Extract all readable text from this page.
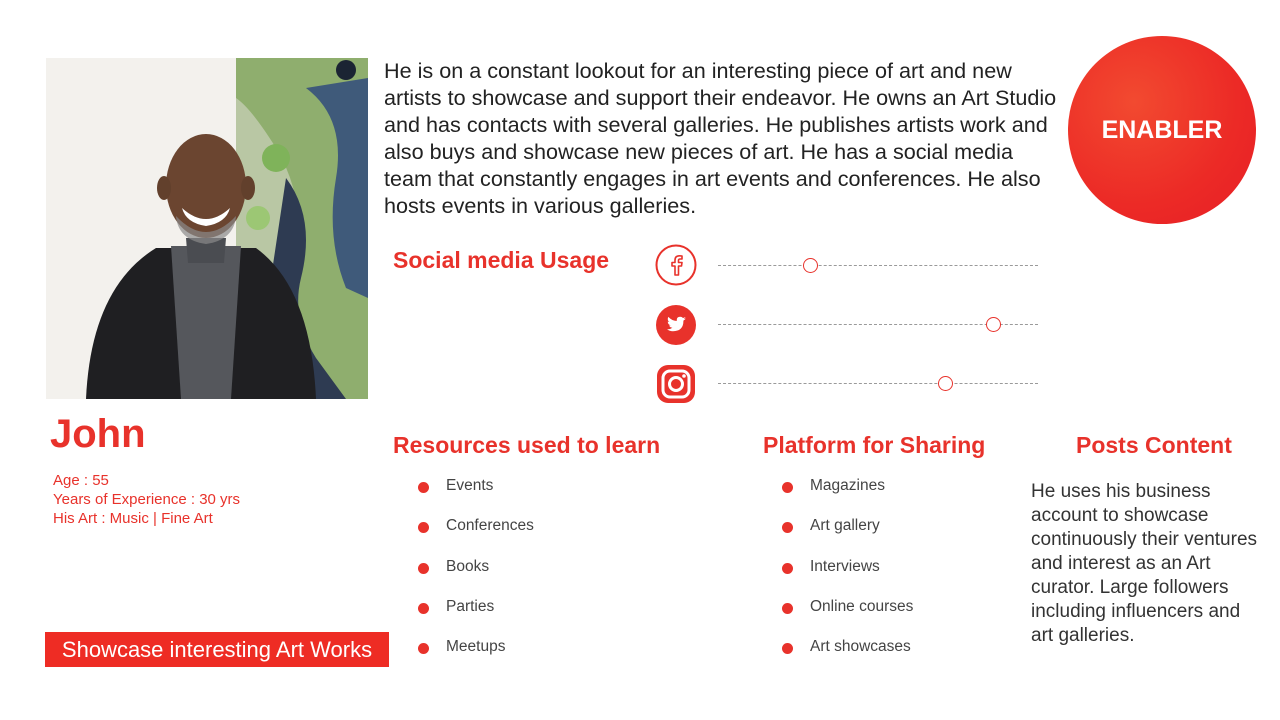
John
Age : 55
Years of Experience : 30 yrs
His Art : Music | Fine Art
Showcase interesting Art Works

He is on a constant lookout for an interesting piece of art and new artists to showcase and support their endeavor. He owns an Art Studio and has contacts with several galleries. He publishes artists work and also buys and showcase new pieces of art. He has a social media team that constantly engages in art events and conferences. He also hosts events in various galleries.

ENABLER
Social media Usage
Resources used to learn
Events
Conferences
Books
Parties
Meetups
Platform for Sharing
Magazines
Art gallery
Interviews
Online courses
Art showcases
Posts Content

He uses his business account to showcase continuously their ventures and interest as an Art curator. Large followers including influencers and art galleries.
